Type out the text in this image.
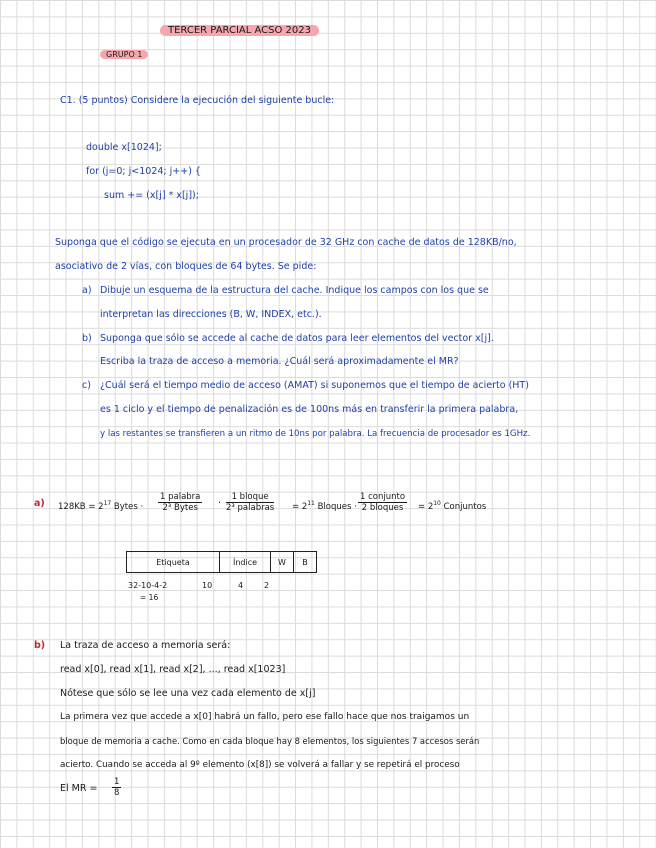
TERCER PARCIAL ACSO 2023
GRUPO 1
C1. (5 puntos) Considere la ejecución del siguiente bucle:
double x[1024];
for (j=0; j<1024; j++) {
sum += (x[j] * x[j]);
Suponga que el código se ejecuta en un procesador de 32 GHz con cache de datos de 128KB/no,
asociativo de 2 vías, con bloques de 64 bytes. Se pide:
a) Dibuje un esquema de la estructura del cache. Indique los campos con los que se
interpretan las direcciones (B, W, INDEX, etc.).
b) Suponga que sólo se accede al cache de datos para leer elementos del vector x[j].
Escriba la traza de acceso a memoria. ¿Cuál será aproximadamente el MR?
c) ¿Cuál será el tiempo medio de acceso (AMAT) si suponemos que el tiempo de acierto (HT)
es 1 ciclo y el tiempo de penalización es de 100ns más en transferir la primera palabra,
y las restantes se transfieren a un ritmo de 10ns por palabra. La frecuencia de procesador es 1GHz.
a) $128KB = 2^{17}$ Bytes ·
1 palabra
2³ Bytes	·
1 bloque
2³ palabras = $2^{11}$ Bloques ·
1 conjunto
2 bloques	= $2^{10}$ Conjuntos
Etiqueta	Índice	W	B
32-10-4-2	10	4	2
= 16
b) La traza de acceso a memoria será:
read x[0], read x[1], read x[2], ..., read x[1023]
Nótese que sólo se lee una vez cada elemento de x[j]
La primera vez que accede a x[0] habrá un fallo, pero ese fallo hace que nos traigamos un
bloque de memoria a cache. Como en cada bloque hay 8 elementos, los siguientes 7 accesos serán
acierto. Cuando se acceda al 9º elemento (x[8]) se volverá a fallar y se repetirá el proceso
El MR = $\frac{1}{8}$
